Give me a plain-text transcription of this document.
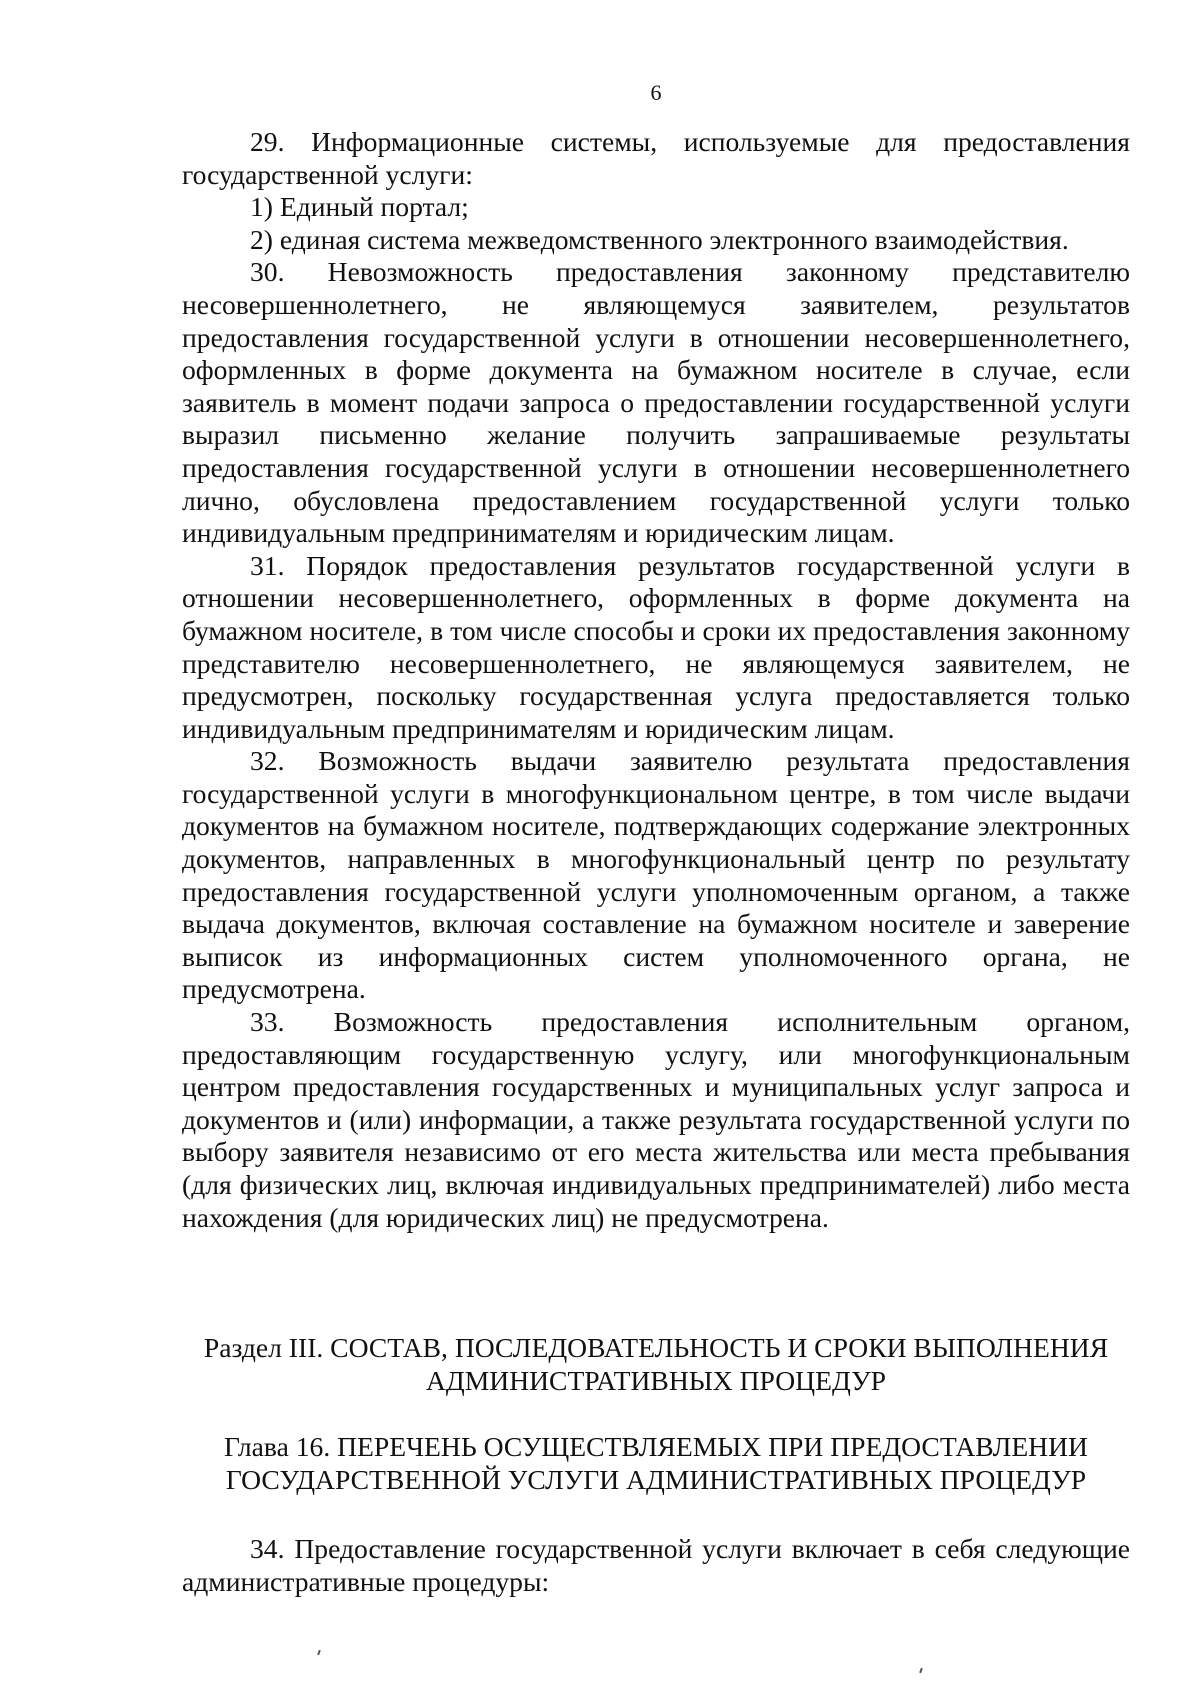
6

29. Информационные системы, используемые для предоставления государственной услуги:

1) Единый портал;

2) единая система межведомственного электронного взаимодействия.

30. Невозможность предоставления законному представителю несовершеннолетнего, не являющемуся заявителем, результатов предоставления государственной услуги в отношении несовершеннолетнего, оформленных в форме документа на бумажном носителе в случае, если заявитель в момент подачи запроса о предоставлении государственной услуги выразил письменно желание получить запрашиваемые результаты предоставления государственной услуги в отношении несовершеннолетнего лично, обусловлена предоставлением государственной услуги только индивидуальным предпринимателям и юридическим лицам.

31. Порядок предоставления результатов государственной услуги в отношении несовершеннолетнего, оформленных в форме документа на бумажном носителе, в том числе способы и сроки их предоставления законному представителю несовершеннолетнего, не являющемуся заявителем, не предусмотрен, поскольку государственная услуга предоставляется только индивидуальным предпринимателям и юридическим лицам.

32. Возможность выдачи заявителю результата предоставления государственной услуги в многофункциональном центре, в том числе выдачи документов на бумажном носителе, подтверждающих содержание электронных документов, направленных в многофункциональный центр по результату предоставления государственной услуги уполномоченным органом, а также выдача документов, включая составление на бумажном носителе и заверение выписок из информационных систем уполномоченного органа, не предусмотрена.

33. Возможность предоставления исполнительным органом, предоставляющим государственную услугу, или многофункциональным центром предоставления государственных и муниципальных услуг запроса и документов и (или) информации, а также результата государственной услуги по выбору заявителя независимо от его места жительства или места пребывания (для физических лиц, включая индивидуальных предпринимателей) либо места нахождения (для юридических лиц) не предусмотрена.

Раздел III. СОСТАВ, ПОСЛЕДОВАТЕЛЬНОСТЬ И СРОКИ ВЫПОЛНЕНИЯ
АДМИНИСТРАТИВНЫХ ПРОЦЕДУР
Глава 16. ПЕРЕЧЕНЬ ОСУЩЕСТВЛЯЕМЫХ ПРИ ПРЕДОСТАВЛЕНИИ
ГОСУДАРСТВЕННОЙ УСЛУГИ АДМИНИСТРАТИВНЫХ ПРОЦЕДУР

34. Предоставление государственной услуги включает в себя следующие административные процедуры:
